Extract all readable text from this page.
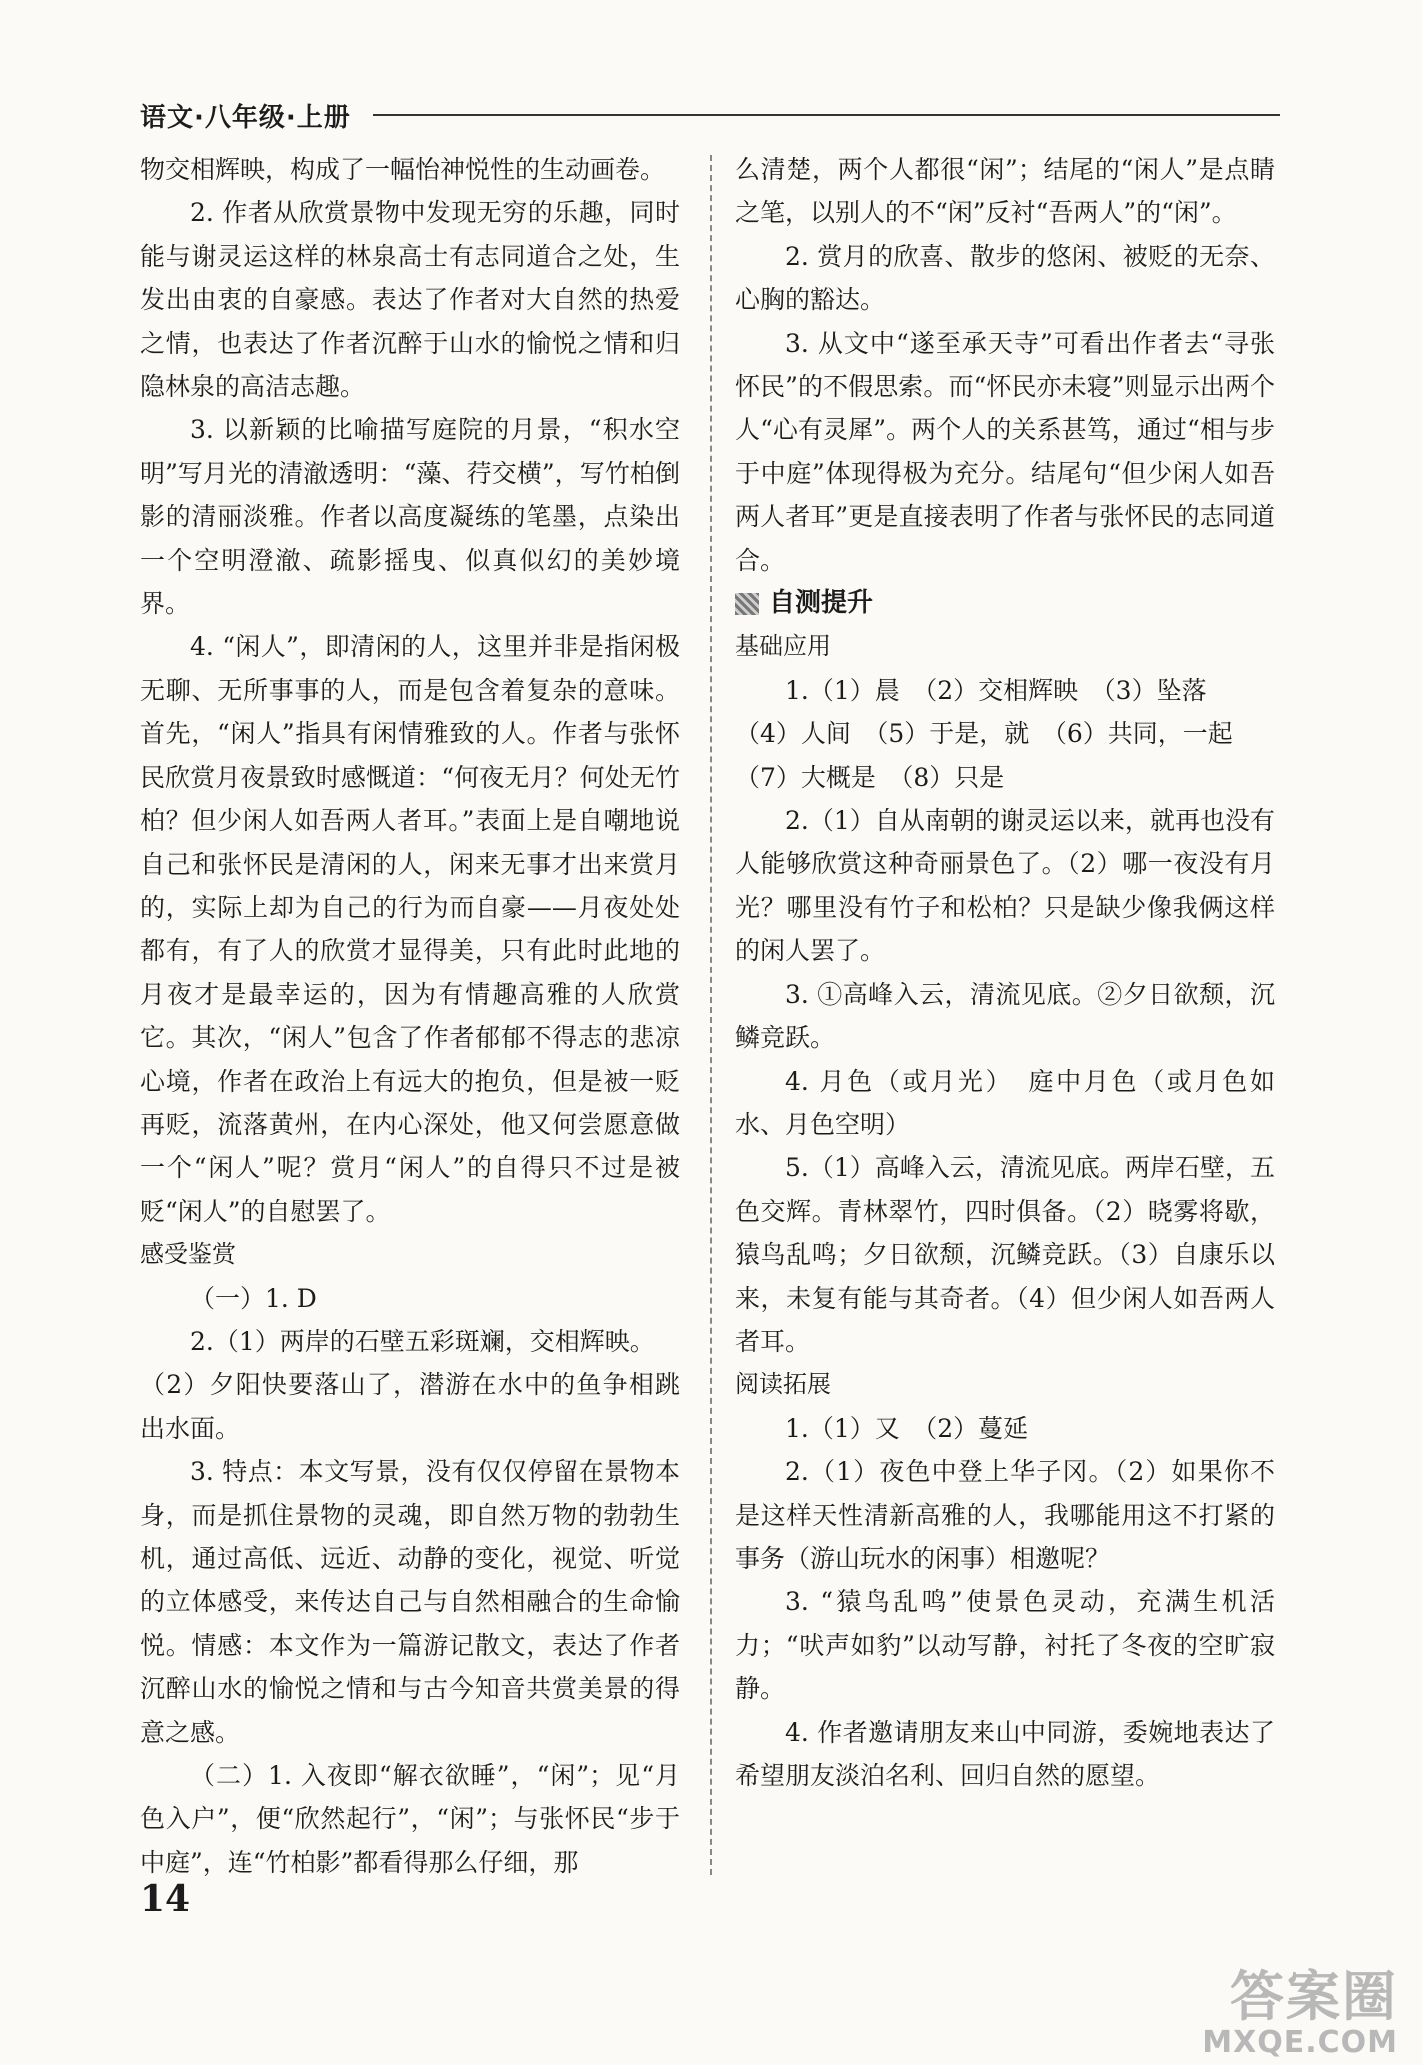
语文·八年级·上册

物交相辉映，构成了一幅怡神悦性的生动画卷。

2. 作者从欣赏景物中发现无穷的乐趣，同时能与谢灵运这样的林泉高士有志同道合之处，生发出由衷的自豪感。表达了作者对大自然的热爱之情，也表达了作者沉醉于山水的愉悦之情和归隐林泉的高洁志趣。

3. 以新颖的比喻描写庭院的月景，“积水空明”写月光的清澈透明：“藻、荇交横”，写竹柏倒影的清丽淡雅。作者以高度凝练的笔墨，点染出一个空明澄澈、疏影摇曳、似真似幻的美妙境界。

4. “闲人”，即清闲的人，这里并非是指闲极无聊、无所事事的人，而是包含着复杂的意味。首先，“闲人”指具有闲情雅致的人。作者与张怀民欣赏月夜景致时感慨道：“何夜无月？何处无竹柏？但少闲人如吾两人者耳。”表面上是自嘲地说自己和张怀民是清闲的人，闲来无事才出来赏月的，实际上却为自己的行为而自豪——月夜处处都有，有了人的欣赏才显得美，只有此时此地的月夜才是最幸运的，因为有情趣高雅的人欣赏它。其次，“闲人”包含了作者郁郁不得志的悲凉心境，作者在政治上有远大的抱负，但是被一贬再贬，流落黄州，在内心深处，他又何尝愿意做一个“闲人”呢？赏月“闲人”的自得只不过是被贬“闲人”的自慰罢了。

感受鉴赏

（一）1. D

2.（1）两岸的石壁五彩斑斓，交相辉映。

（2）夕阳快要落山了，潜游在水中的鱼争相跳出水面。

3. 特点：本文写景，没有仅仅停留在景物本身，而是抓住景物的灵魂，即自然万物的勃勃生机，通过高低、远近、动静的变化，视觉、听觉的立体感受，来传达自己与自然相融合的生命愉悦。情感：本文作为一篇游记散文，表达了作者沉醉山水的愉悦之情和与古今知音共赏美景的得意之感。

（二）1. 入夜即“解衣欲睡”，“闲”；见“月色入户”，便“欣然起行”，“闲”；与张怀民“步于中庭”，连“竹柏影”都看得那么仔细，那

么清楚，两个人都很“闲”；结尾的“闲人”是点睛之笔，以别人的不“闲”反衬“吾两人”的“闲”。

2. 赏月的欣喜、散步的悠闲、被贬的无奈、心胸的豁达。

3. 从文中“遂至承天寺”可看出作者去“寻张怀民”的不假思索。而“怀民亦未寝”则显示出两个人“心有灵犀”。两个人的关系甚笃，通过“相与步于中庭”体现得极为充分。结尾句“但少闲人如吾两人者耳”更是直接表明了作者与张怀民的志同道合。

自测提升

基础应用

1.（1）晨　（2）交相辉映　（3）坠落

（4）人间　（5）于是，就　（6）共同，一起

（7）大概是　（8）只是

2.（1）自从南朝的谢灵运以来，就再也没有人能够欣赏这种奇丽景色了。（2）哪一夜没有月光？哪里没有竹子和松柏？只是缺少像我俩这样的闲人罢了。

3. ①高峰入云，清流见底。②夕日欲颓，沉鳞竞跃。

4. 月色（或月光）　庭中月色（或月色如水、月色空明）

5.（1）高峰入云，清流见底。两岸石壁，五色交辉。青林翠竹，四时俱备。（2）晓雾将歇，猿鸟乱鸣；夕日欲颓，沉鳞竞跃。（3）自康乐以来，未复有能与其奇者。（4）但少闲人如吾两人者耳。

阅读拓展

1.（1）又　（2）蔓延

2.（1）夜色中登上华子冈。（2）如果你不是这样天性清新高雅的人，我哪能用这不打紧的事务（游山玩水的闲事）相邀呢？

3. “猿鸟乱鸣”使景色灵动，充满生机活力；“吠声如豹”以动写静，衬托了冬夜的空旷寂静。

4. 作者邀请朋友来山中同游，委婉地表达了希望朋友淡泊名利、回归自然的愿望。

14
答案圈
MXQE.COM
